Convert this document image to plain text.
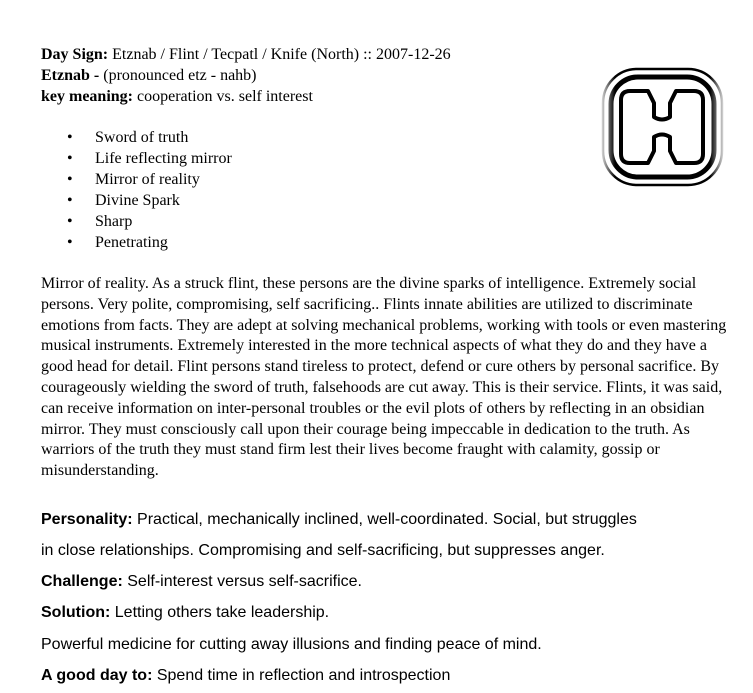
Day Sign: Etznab / Flint / Tecpatl / Knife (North) :: 2007-12-26
Etznab - (pronounced etz - nahb)
key meaning: cooperation vs. self interest
• Sword of truth
• Life reflecting mirror
• Mirror of reality
• Divine Spark
• Sharp
• Penetrating

Mirror of reality. As a struck flint, these persons are the divine sparks of intelligence. Extremely social persons. Very polite, compromising, self sacrificing.. Flints innate abilities are utilized to discriminate emotions from facts. They are adept at solving mechanical problems, working with tools or even mastering musical instruments. Extremely interested in the more technical aspects of what they do and they have a good head for detail. Flint persons stand tireless to protect, defend or cure others by personal sacrifice. By courageously wielding the sword of truth, falsehoods are cut away. This is their service. Flints, it was said, can receive information on inter-personal troubles or the evil plots of others by reflecting in an obsidian mirror. They must consciously call upon their courage being impeccable in dedication to the truth. As warriors of the truth they must stand firm lest their lives become fraught with calamity, gossip or misunderstanding.

Personality: Practical, mechanically inclined, well-coordinated. Social, but struggles
in close relationships. Compromising and self-sacrificing, but suppresses anger.
Challenge: Self-interest versus self-sacrifice.
Solution: Letting others take leadership.
Powerful medicine for cutting away illusions and finding peace of mind.
A good day to: Spend time in reflection and introspection
